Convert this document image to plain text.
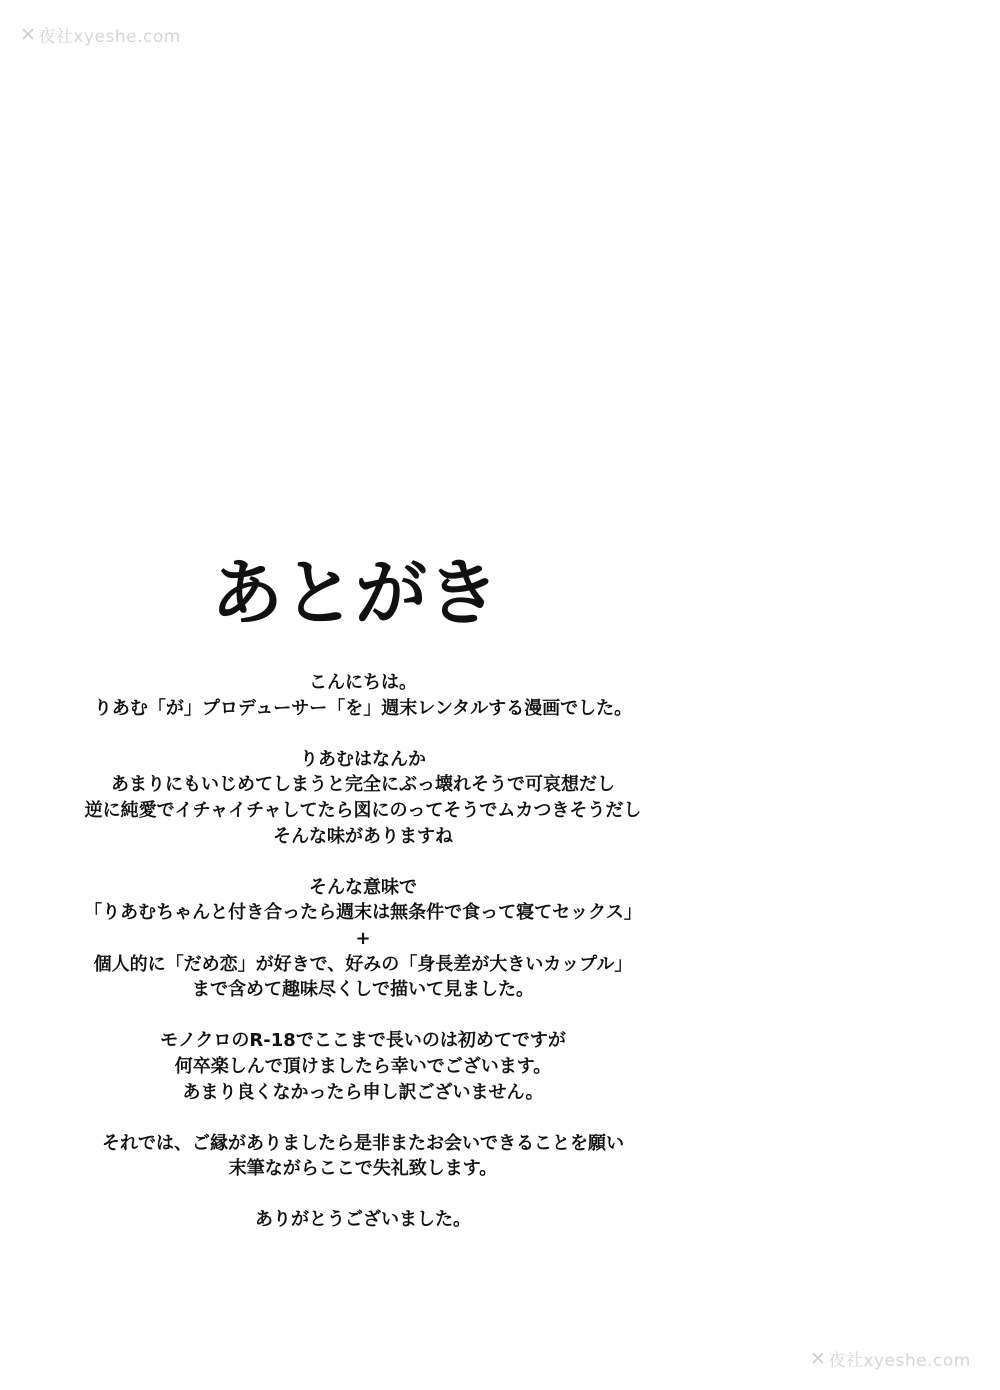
✕ 夜社xyeshe.com
あとがき

こんにちは。
りあむ「が」プロデューサー「を」週末レンタルする漫画でした。

りあむはなんか
あまりにもいじめてしまうと完全にぶっ壊れそうで可哀想だし
逆に純愛でイチャイチャしてたら図にのってそうでムカつきそうだし
そんな味がありますね

そんな意味で
「りあむちゃんと付き合ったら週末は無条件で食って寝てセックス」
+
個人的に「だめ恋」が好きで、好みの「身長差が大きいカップル」
まで含めて趣味尽くしで描いて見ました。

モノクロのR-18でここまで長いのは初めてですが
何卒楽しんで頂けましたら幸いでございます。
あまり良くなかったら申し訳ございません。

それでは、ご縁がありましたら是非またお会いできることを願い
末筆ながらここで失礼致します。

ありがとうございました。

✕ 夜社xyeshe.com
